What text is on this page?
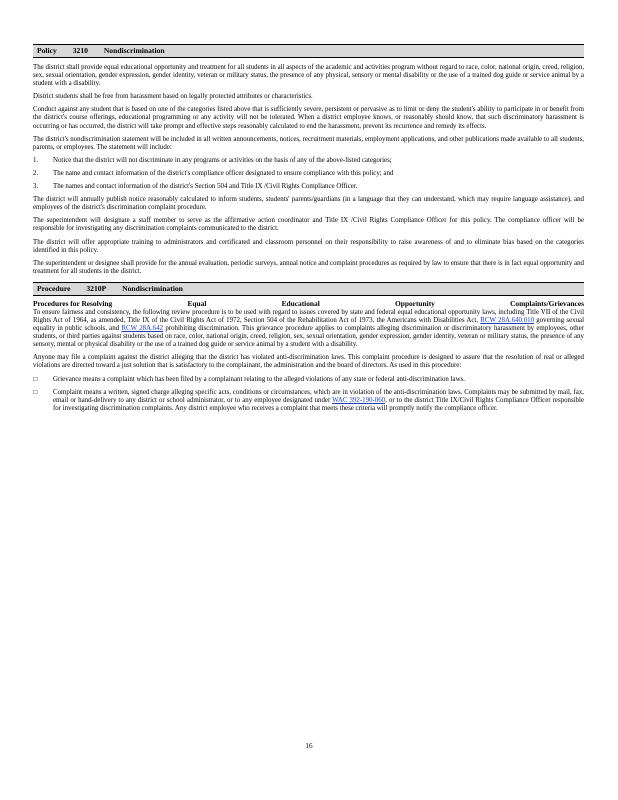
Policy 3210 Nondiscrimination

The district shall provide equal educational opportunity and treatment for all students in all aspects of the academic and activities program without regard to race, color, national origin, creed, religion, sex, sexual orientation, gender expression, gender identity, veteran or military status, the presence of any physical, sensory or mental disability or the use of a trained dog guide or service animal by a student with a disability.

District students shall be free from harassment based on legally protected attributes or characteristics.

Conduct against any student that is based on one of the categories listed above that is sufficiently severe, persistent or pervasive as to limit or deny the student's ability to participate in or benefit from the district's course offerings, educational programming or any activity will not be tolerated. When a district employee knows, or reasonably should know, that such discriminatory harassment is occurring or has occurred, the district will take prompt and effective steps reasonably calculated to end the harassment, prevent its recurrence and remedy its effects.

The district's nondiscrimination statement will be included in all written announcements, notices, recruitment materials, employment applications, and other publications made available to all students, parents, or employees. The statement will include:

1.	Notice that the district will not discriminate in any programs or activities on the basis of any of the above-listed categories;
2.	The name and contact information of the district's compliance officer designated to ensure compliance with this policy; and
3.	The names and contact information of the district's Section 504 and Title IX /Civil Rights Compliance Officer.

The district will annually publish notice reasonably calculated to inform students, students' parents/guardians (in a language that they can understand, which may require language assistance), and employees of the district's discrimination complaint procedure.

The superintendent will designate a staff member to serve as the affirmative action coordinator and Title IX /Civil Rights Compliance Officer for this policy. The compliance officer will be responsible for investigating any discrimination complaints communicated to the district.

The district will offer appropriate training to administrators and certificated and classroom personnel on their responsibility to raise awareness of and to eliminate bias based on the categories identified in this policy.

The superintendent or designee shall provide for the annual evaluation, periodic surveys, annual notice and complaint procedures as required by law to ensure that there is in fact equal opportunity and treatment for all students in the district.

Procedure 3210P Nondiscrimination
Procedures for Resolving	Equal	Educational	Opportunity	Complaints/Grievances

To ensure fairness and consistency, the following review procedure is to be used with regard to issues covered by state and federal equal educational opportunity laws, including Title VII of the Civil Rights Act of 1964, as amended, Title IX of the Civil Rights Act of 1972, Section 504 of the Rehabilitation Act of 1973, the Americans with Disabilities Act, RCW 28A.640.010 governing sexual equality in public schools, and RCW 28A.642 prohibiting discrimination. This grievance procedure applies to complaints alleging discrimination or discriminatory harassment by employees, other students, or third parties against students based on race, color, national origin, creed, religion, sex, sexual orientation, gender expression, gender identity, veteran or military status, the presence of any sensory, mental or physical disability or the use of a trained dog guide or service animal by a student with a disability.

Anyone may file a complaint against the district alleging that the district has violated anti-discrimination laws. This complaint procedure is designed to assure that the resolution of real or alleged violations are directed toward a just solution that is satisfactory to the complainant, the administration and the board of directors. As used in this procedure:

□	Grievance means a complaint which has been filed by a complainant relating to the alleged violations of any state or federal anti-discrimination laws.
□	Complaint means a written, signed charge alleging specific acts, conditions or circumstances, which are in violation of the anti-discrimination laws. Complaints may be submitted by mail, fax, email or hand-delivery to any district or school administrator, or to any employee designated under WAC 392-190-060, or to the district Title IX/Civil Rights Compliance Officer responsible for investigating discrimination complaints. Any district employee who receives a complaint that meets these criteria will promptly notify the compliance officer.
16
